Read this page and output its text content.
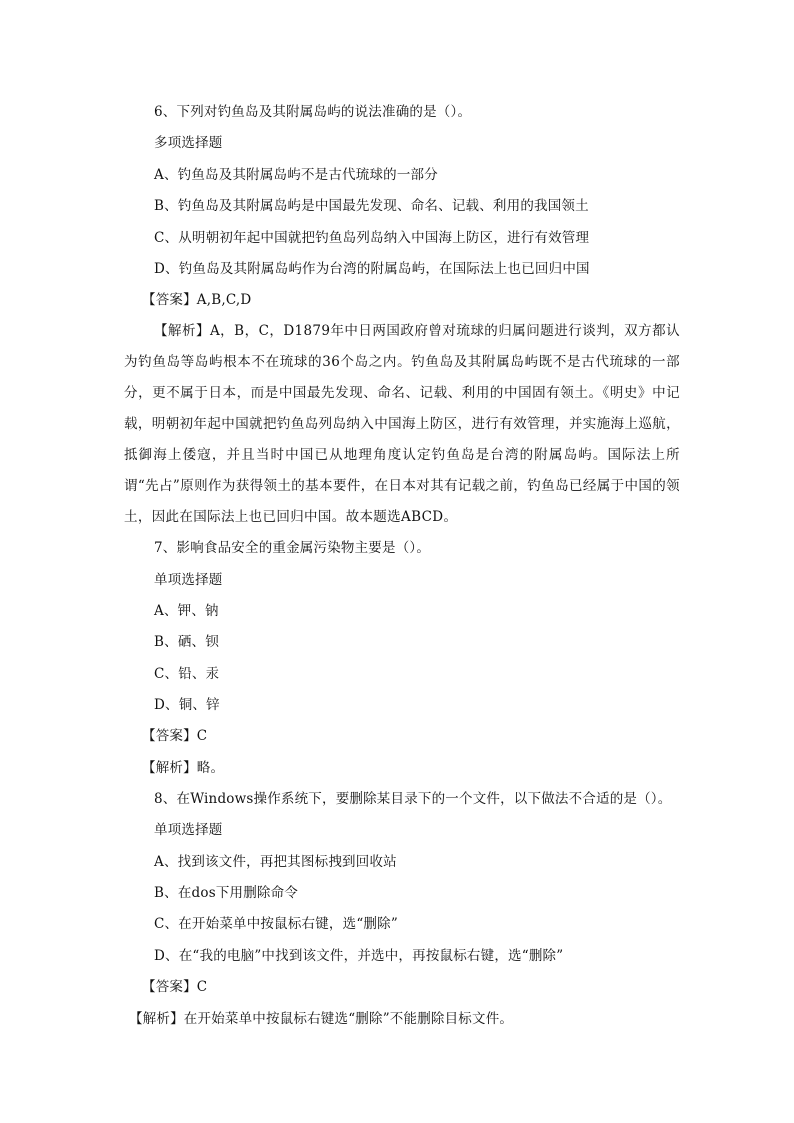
6、下列对钓鱼岛及其附属岛屿的说法准确的是（）。
多项选择题
A、钓鱼岛及其附属岛屿不是古代琉球的一部分
B、钓鱼岛及其附属岛屿是中国最先发现、命名、记载、利用的我国领土
C、从明朝初年起中国就把钓鱼岛列岛纳入中国海上防区，进行有效管理
D、钓鱼岛及其附属岛屿作为台湾的附属岛屿，在国际法上也已回归中国
【答案】A,B,C,D
【解析】A，B，C，D1879年中日两国政府曾对琉球的归属问题进行谈判，双方都认为钓鱼岛等岛屿根本不在琉球的36个岛之内。钓鱼岛及其附属岛屿既不是古代琉球的一部分，更不属于日本，而是中国最先发现、命名、记载、利用的中国固有领土。《明史》中记载，明朝初年起中国就把钓鱼岛列岛纳入中国海上防区，进行有效管理，并实施海上巡航，抵御海上倭寇，并且当时中国已从地理角度认定钓鱼岛是台湾的附属岛屿。国际法上所谓“先占”原则作为获得领土的基本要件，在日本对其有记载之前，钓鱼岛已经属于中国的领土，因此在国际法上也已回归中国。故本题选ABCD。
7、影响食品安全的重金属污染物主要是（）。
单项选择题
A、钾、钠
B、硒、钡
C、铅、汞
D、铜、锌
【答案】C
【解析】略。
8、在Windows操作系统下，要删除某目录下的一个文件，以下做法不合适的是（）。
单项选择题
A、找到该文件，再把其图标拽到回收站
B、在dos下用删除命令
C、在开始菜单中按鼠标右键，选“删除”
D、在“我的电脑”中找到该文件，并选中，再按鼠标右键，选“删除”
【答案】C
【解析】在开始菜单中按鼠标右键选“删除”不能删除目标文件。
